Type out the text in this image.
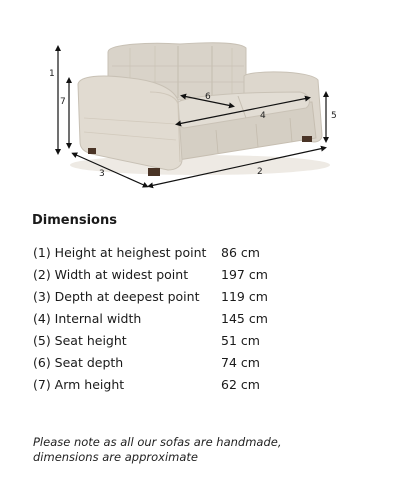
1
7
3	2
5
4
6
Dimensions
(1) Height at heighest point 86 cm
(2) Width at widest point	197 cm
(3) Depth at deepest point 119 cm
(4) Internal width	145 cm
(5) Seat height	51 cm
(6) Seat depth	74 cm
(7) Arm height	62 cm
Please note as all our sofas are handmade,
dimensions are approximate
